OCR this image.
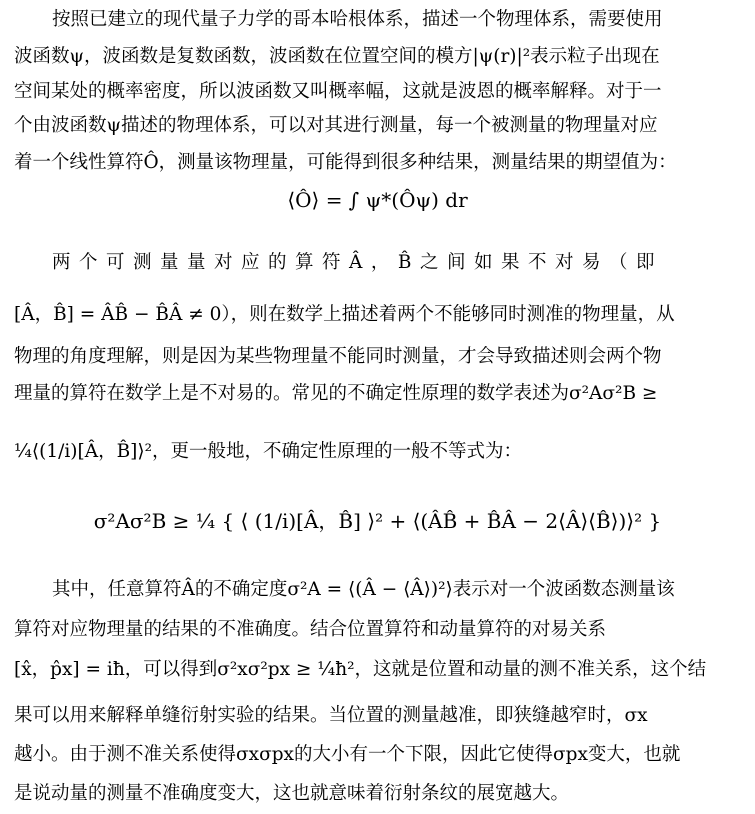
按照已建立的现代量子力学的哥本哈根体系，描述一个物理体系，需要使用
波函数ψ，波函数是复数函数，波函数在位置空间的模方|ψ(r)|²表示粒子出现在
空间某处的概率密度，所以波函数又叫概率幅，这就是波恩的概率解释。对于一
个由波函数ψ描述的物理体系，可以对其进行测量，每一个被测量的物理量对应
着一个线性算符Ô，测量该物理量，可能得到很多种结果，测量结果的期望值为：
⟨Ô⟩ = ∫ ψ*(Ôψ) dr
两个可测量量对应的算符Â，B̂之间如果不对易（即
[Â，B̂] = ÂB̂ − B̂Â ≠ 0），则在数学上描述着两个不能够同时测准的物理量，从
物理的角度理解，则是因为某些物理量不能同时测量，才会导致描述则会两个物
理量的算符在数学上是不对易的。常见的不确定性原理的数学表述为σ²Aσ²B ≥
¼⟨(1/i)[Â，B̂]⟩²，更一般地，不确定性原理的一般不等式为：
σ²Aσ²B ≥ ¼ { ⟨ (1/i)[Â，B̂] ⟩² + ⟨(ÂB̂ + B̂Â − 2⟨Â⟩⟨B̂⟩)⟩² }
其中，任意算符Â的不确定度σ²A = ⟨(Â − ⟨Â⟩)²⟩表示对一个波函数态测量该
算符对应物理量的结果的不准确度。结合位置算符和动量算符的对易关系
[x̂，p̂x] = iħ，可以得到σ²xσ²px ≥ ¼ħ²，这就是位置和动量的测不准关系，这个结
果可以用来解释单缝衍射实验的结果。当位置的测量越准，即狭缝越窄时，σx
越小。由于测不准关系使得σxσpx的大小有一个下限，因此它使得σpx变大，也就
是说动量的测量不准确度变大，这也就意味着衍射条纹的展宽越大。
